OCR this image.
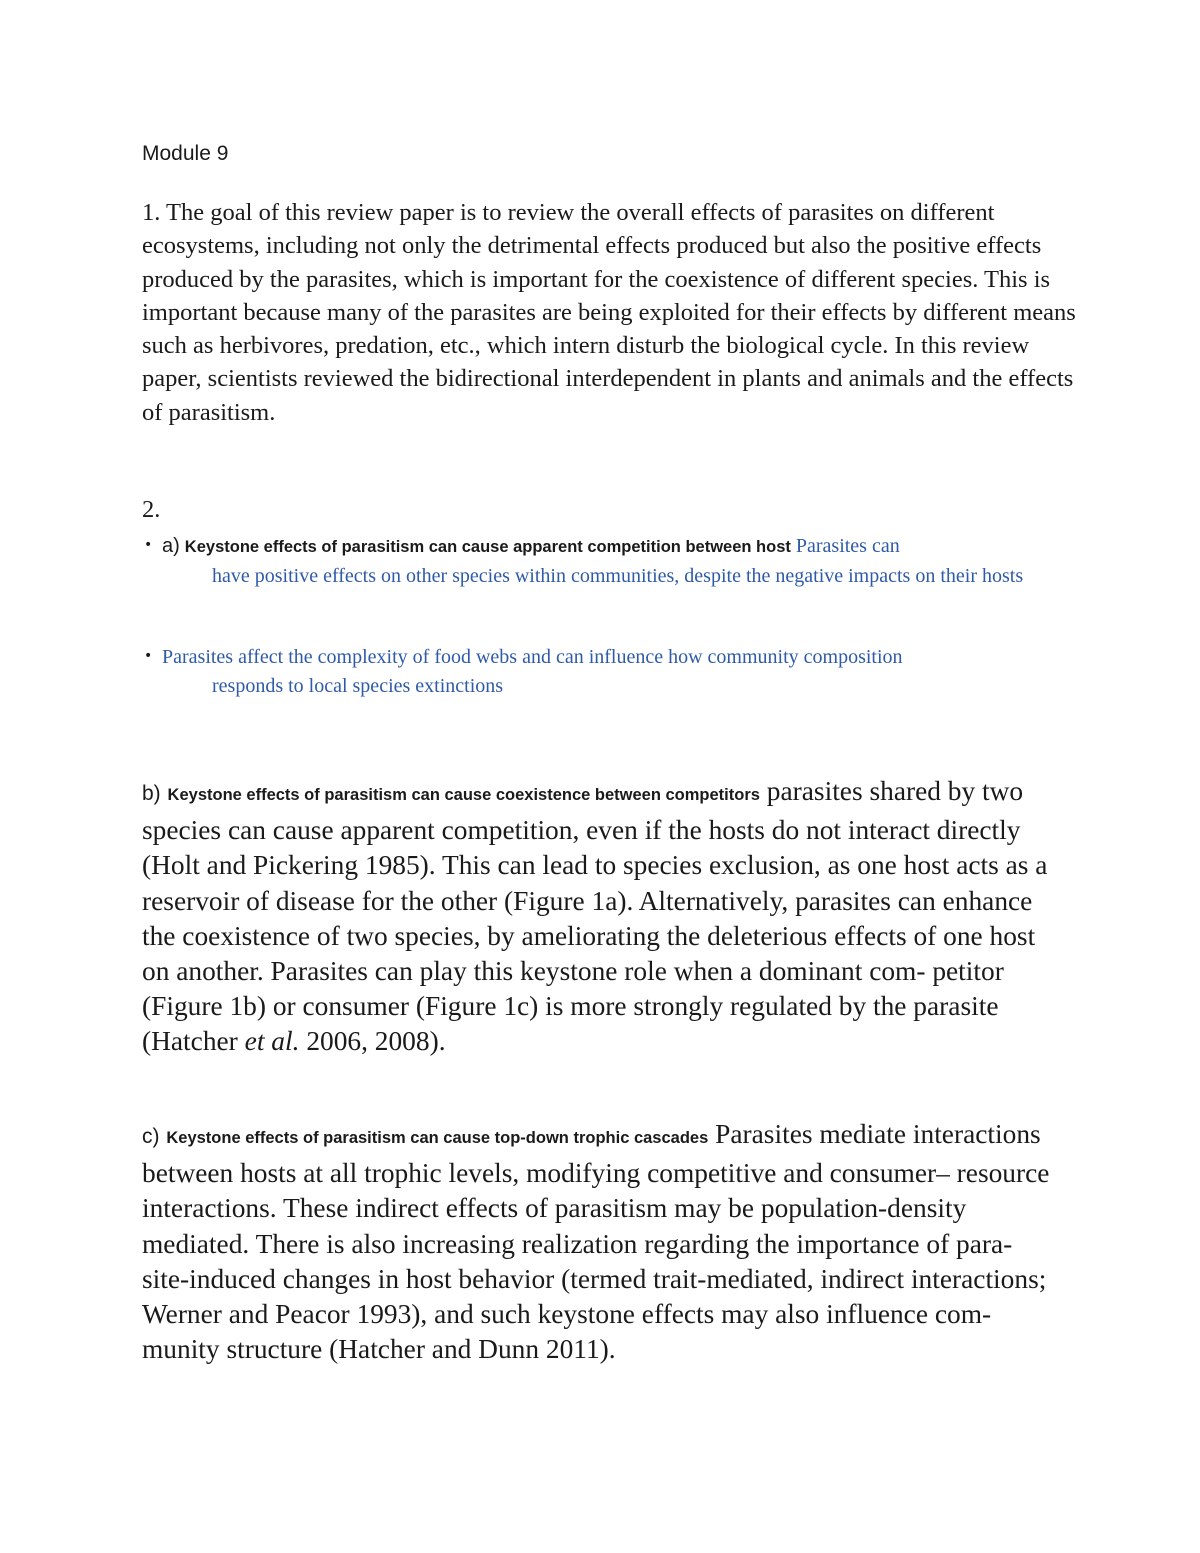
Module 9

1. The goal of this review paper is to review the overall effects of parasites on different ecosystems, including not only the detrimental effects produced but also the positive effects produced by the parasites, which is important for the coexistence of different species. This is important because many of the parasites are being exploited for their effects by different means such as herbivores, predation, etc., which intern disturb the biological cycle. In this review paper, scientists reviewed the bidirectional interdependent in plants and animals and the effects of parasitism.

2.

• a) Keystone effects of parasitism can cause apparent competition between host Parasites can
have positive effects on other species within communities, despite the negative impacts on their hosts
• Parasites affect the complexity of food webs and can influence how community composition
responds to local species extinctions

b) Keystone effects of parasitism can cause coexistence between competitors parasites shared by two species can cause apparent competition, even if the hosts do not interact directly (Holt and Pickering 1985). This can lead to species exclusion, as one host acts as a reservoir of disease for the other (Figure 1a). Alternatively, parasites can enhance the coexistence of two species, by ameliorating the deleterious effects of one host on another. Parasites can play this keystone role when a dominant com- petitor (Figure 1b) or consumer (Figure 1c) is more strongly regulated by the parasite (Hatcher et al. 2006, 2008).

c) Keystone effects of parasitism can cause top-down trophic cascades Parasites mediate interactions between hosts at all trophic levels, modifying competitive and consumer– resource interactions. These indirect effects of parasitism may be population-density mediated. There is also increasing realization regarding the importance of para- site-induced changes in host behavior (termed trait-mediated, indirect interactions; Werner and Peacor 1993), and such keystone effects may also influence com- munity structure (Hatcher and Dunn 2011).
